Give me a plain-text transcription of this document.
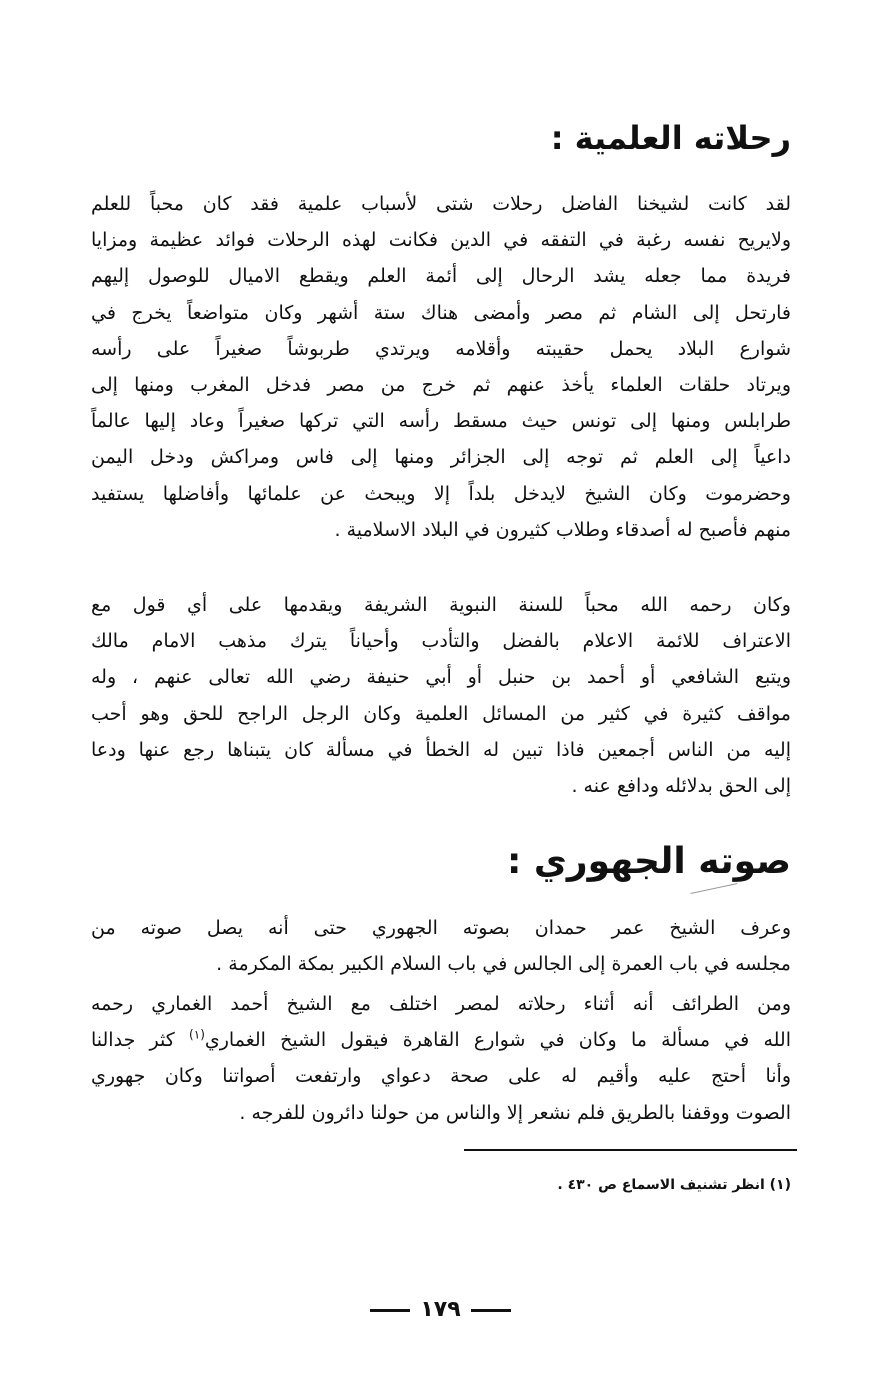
رحلاته العلمية :
لقد كانت لشيخنا الفاضل رحلات شتى لأسباب علمية فقد كان محباً للعلم
ولايريح نفسه رغبة في التفقه في الدين فكانت لهذه الرحلات فوائد عظيمة ومزايا
فريدة مما جعله يشد الرحال إلى أئمة العلم ويقطع الاميال للوصول إليهم
فارتحل إلى الشام ثم مصر وأمضى هناك ستة أشهر وكان متواضعاً يخرج في
شوارع البلاد يحمل حقيبته وأقلامه ويرتدي طربوشاً صغيراً على رأسه
ويرتاد حلقات العلماء يأخذ عنهم ثم خرج من مصر فدخل المغرب ومنها إلى
طرابلس ومنها إلى تونس حيث مسقط رأسه التي تركها صغيراً وعاد إليها عالماً
داعياً إلى العلم ثم توجه إلى الجزائر ومنها إلى فاس ومراكش ودخل اليمن
وحضرموت وكان الشيخ لايدخل بلداً إلا ويبحث عن علمائها وأفاضلها يستفيد
منهم فأصبح له أصدقاء وطلاب كثيرون في البلاد الاسلامية .
وكان رحمه الله محباً للسنة النبوية الشريفة ويقدمها على أي قول مع
الاعتراف للائمة الاعلام بالفضل والتأدب وأحياناً يترك مذهب الامام مالك
ويتبع الشافعي أو أحمد بن حنبل أو أبي حنيفة رضي الله تعالى عنهم ، وله
مواقف كثيرة في كثير من المسائل العلمية وكان الرجل الراجح للحق وهو أحب
إليه من الناس أجمعين فاذا تبين له الخطأ في مسألة كان يتبناها رجع عنها ودعا
إلى الحق بدلائله ودافع عنه .
صوته الجهوري :
وعرف الشيخ عمر حمدان بصوته الجهوري حتى أنه يصل صوته من
مجلسه في باب العمرة إلى الجالس في باب السلام الكبير بمكة المكرمة .
ومن الطرائف أنه أثناء رحلاته لمصر اختلف مع الشيخ أحمد الغماري رحمه
الله في مسألة ما وكان في شوارع القاهرة فيقول الشيخ الغماري$^{(١)}$ كثر جدالنا
وأنا أحتج عليه وأقيم له على صحة دعواي وارتفعت أصواتنا وكان جهوري
الصوت ووقفنا بالطريق فلم نشعر إلا والناس من حولنا دائرون للفرجه .

(١) انظر تشنيف الاسماع ص ٤٣٠ .

١٧٩
